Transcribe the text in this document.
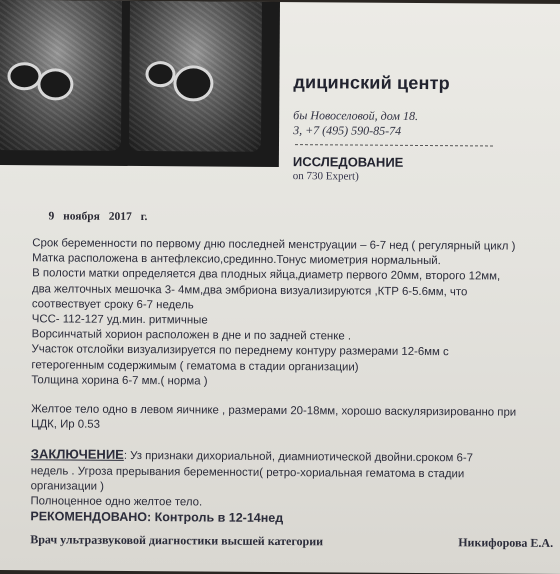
дицинский центр
бы Новоселовой, дом 18.
3, +7 (495) 590-85-74
ИССЛЕДОВАНИЕ
on 730 Expert)
9 ноября 2017 г.

Срок беременности по первому дню последней менструации – 6-7 нед ( регулярный цикл )

Матка расположена в антефлексио,срединно.Тонус миометрия нормальный.

В полости матки определяется два плодных яйца,диаметр первого 20мм, второго 12мм,

два желточных мешочка 3- 4мм,два эмбриона визуализируются ,КТР 6-5.6мм, что

соотвествует сроку 6-7 недель

ЧСС- 112-127 уд.мин. ритмичные

Ворсинчатый хорион расположен в дне и по задней стенке .

Участок отслойки визуализируется по переднему контуру размерами 12-6мм с

гетерогенным содержимым ( гематома в стадии организации)

Толщина хорина 6-7 мм.( норма )

Желтое тело одно в левом яичнике , размерами 20-18мм, хорошо васкуляризированно при

ЦДК, Ир 0.53

ЗАКЛЮЧЕНИЕ: Уз признаки дихориальной, диамниотической двойни.сроком 6-7

недель . Угроза прерывания беременности( ретро-хориальная гематома в стадии

организации )

Полноценное одно желтое тело.

РЕКОМЕНДОВАНО: Контроль в 12-14нед

Врач ультразвуковой диагностики высшей категории	Никифорова Е.А.
